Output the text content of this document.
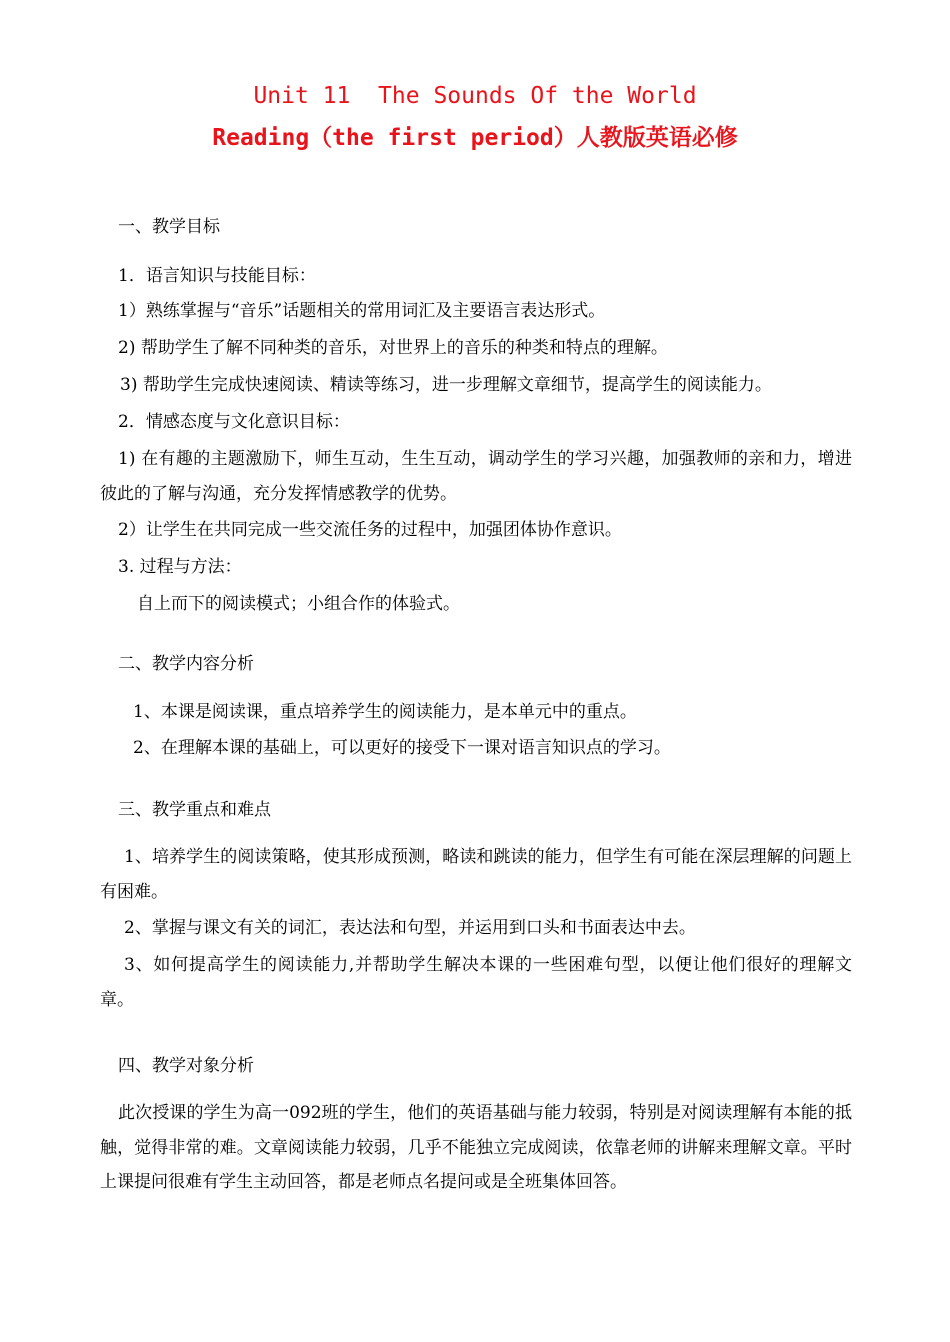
Unit 11  The Sounds Of the World
Reading（the first period）人教版英语必修
一、教学目标
1．语言知识与技能目标：
1）熟练掌握与“音乐”话题相关的常用词汇及主要语言表达形式。
2) 帮助学生了解不同种类的音乐，对世界上的音乐的种类和特点的理解。
3) 帮助学生完成快速阅读、精读等练习，进一步理解文章细节，提高学生的阅读能力。
2．情感态度与文化意识目标：
1) 在有趣的主题激励下，师生互动，生生互动，调动学生的学习兴趣，加强教师的亲和力，增进彼此的了解与沟通，充分发挥情感教学的优势。
2）让学生在共同完成一些交流任务的过程中，加强团体协作意识。
3. 过程与方法：
自上而下的阅读模式；小组合作的体验式。
二、教学内容分析
1、本课是阅读课，重点培养学生的阅读能力，是本单元中的重点。
2、在理解本课的基础上，可以更好的接受下一课对语言知识点的学习。
三、教学重点和难点
1、培养学生的阅读策略，使其形成预测，略读和跳读的能力，但学生有可能在深层理解的问题上有困难。
2、掌握与课文有关的词汇，表达法和句型，并运用到口头和书面表达中去。
3、如何提高学生的阅读能力,并帮助学生解决本课的一些困难句型，以便让他们很好的理解文章。
四、教学对象分析
此次授课的学生为高一092班的学生，他们的英语基础与能力较弱，特别是对阅读理解有本能的抵触，觉得非常的难。文章阅读能力较弱，几乎不能独立完成阅读，依靠老师的讲解来理解文章。平时上课提问很难有学生主动回答，都是老师点名提问或是全班集体回答。
